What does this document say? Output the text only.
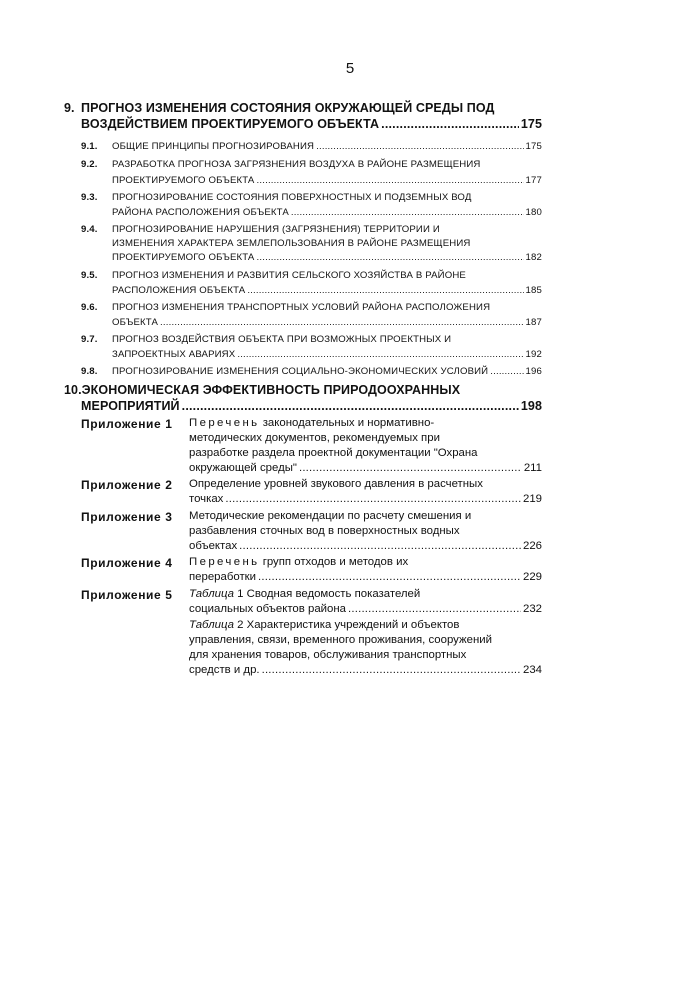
5
9. ПРОГНОЗ ИЗМЕНЕНИЯ СОСТОЯНИЯ ОКРУЖАЮЩЕЙ СРЕДЫ ПОД
ВОЗДЕЙСТВИЕМ ПРОЕКТИРУЕМОГО ОБЪЕКТА .....	175
9.1. ОБЩИЕ ПРИНЦИПЫ ПРОГНОЗИРОВАНИЯ .....	175
9.2. РАЗРАБОТКА ПРОГНОЗА ЗАГРЯЗНЕНИЯ ВОЗДУХА В РАЙОНЕ РАЗМЕЩЕНИЯ
ПРОЕКТИРУЕМОГО ОБЪЕКТА .....	177
9.3. ПРОГНОЗИРОВАНИЕ СОСТОЯНИЯ ПОВЕРХНОСТНЫХ И ПОДЗЕМНЫХ ВОД
РАЙОНА РАСПОЛОЖЕНИЯ ОБЪЕКТА .....	180
9.4. ПРОГНОЗИРОВАНИЕ НАРУШЕНИЯ (ЗАГРЯЗНЕНИЯ) ТЕРРИТОРИИ И
ИЗМЕНЕНИЯ ХАРАКТЕРА ЗЕМЛЕПОЛЬЗОВАНИЯ В РАЙОНЕ РАЗМЕЩЕНИЯ
ПРОЕКТИРУЕМОГО ОБЪЕКТА .....	182
9.5. ПРОГНОЗ ИЗМЕНЕНИЯ И РАЗВИТИЯ СЕЛЬСКОГО ХОЗЯЙСТВА В РАЙОНЕ
РАСПОЛОЖЕНИЯ ОБЪЕКТА .....	185
9.6. ПРОГНОЗ ИЗМЕНЕНИЯ ТРАНСПОРТНЫХ УСЛОВИЙ РАЙОНА РАСПОЛОЖЕНИЯ
ОБЪЕКТА .....	187
9.7. ПРОГНОЗ ВОЗДЕЙСТВИЯ ОБЪЕКТА ПРИ ВОЗМОЖНЫХ ПРОЕКТНЫХ И
ЗАПРОЕКТНЫХ АВАРИЯХ .....	192
9.8. ПРОГНОЗИРОВАНИЕ ИЗМЕНЕНИЯ СОЦИАЛЬНО-ЭКОНОМИЧЕСКИХ УСЛОВИЙ .....	196
10.ЭКОНОМИЧЕСКАЯ ЭФФЕКТИВНОСТЬ ПРИРОДООХРАННЫХ
МЕРОПРИЯТИЙ .....	198
Приложение 1 Перечень законодательных и нормативно-
методических документов, рекомендуемых при
разработке раздела проектной документации "Охрана
окружающей среды" .....	211
Приложение 2 Определение уровней звукового давления в расчетных
точках .....	219
Приложение 3 Методические рекомендации по расчету смешения и
разбавления сточных вод в поверхностных водных
объектах .....	226
Приложение 4 Перечень групп отходов и методов их
переработки .....	229
Приложение 5 Таблица 1 Сводная ведомость показателей
социальных объектов района .....	232
Таблица 2 Характеристика учреждений и объектов
управления, связи, временного проживания, сооружений
для хранения товаров, обслуживания транспортных
средств и др. .....	234
